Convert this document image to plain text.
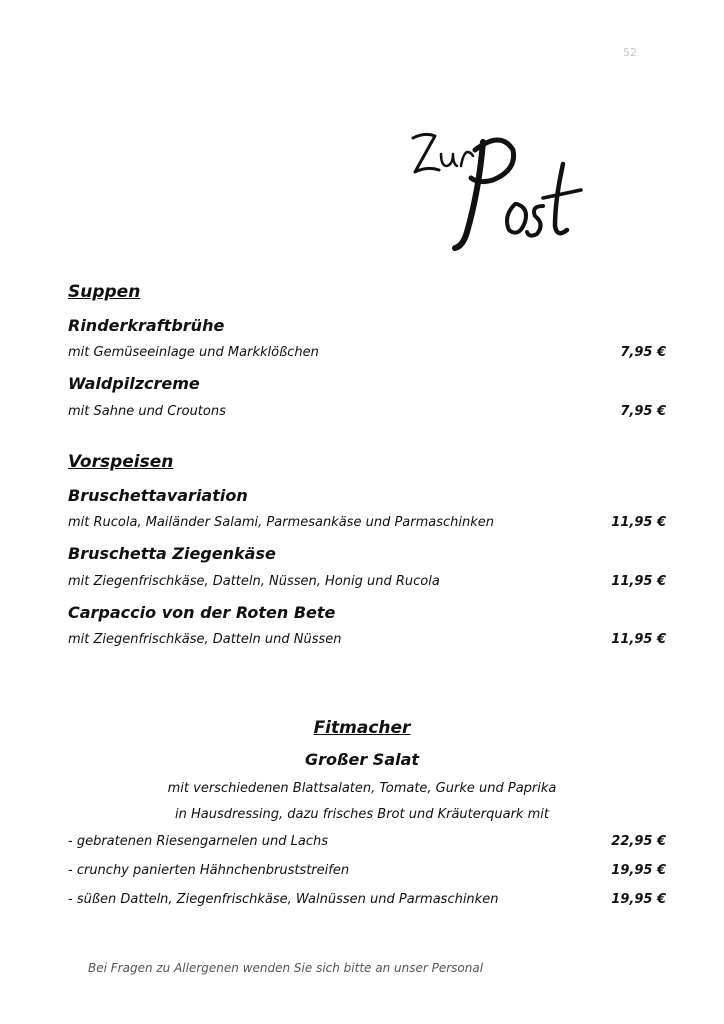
52
Suppen
Rinderkraftbrühe
mit Gemüseeinlage und Markklößchen	7,95 €
Waldpilzcreme
mit Sahne und Croutons	7,95 €
Vorspeisen
Bruschettavariation
mit Rucola, Mailänder Salami, Parmesankäse und Parmaschinken	11,95 €
Bruschetta Ziegenkäse
mit Ziegenfrischkäse, Datteln, Nüssen, Honig und Rucola	11,95 €
Carpaccio von der Roten Bete
mit Ziegenfrischkäse, Datteln und Nüssen	11,95 €
Fitmacher
Großer Salat
mit verschiedenen Blattsalaten, Tomate, Gurke und Paprika
in Hausdressing, dazu frisches Brot und Kräuterquark mit
- gebratenen Riesengarnelen und Lachs	22,95 €
- crunchy panierten Hähnchenbruststreifen	19,95 €
- süßen Datteln, Ziegenfrischkäse, Walnüssen und Parmaschinken	19,95 €
Bei Fragen zu Allergenen wenden Sie sich bitte an unser Personal
